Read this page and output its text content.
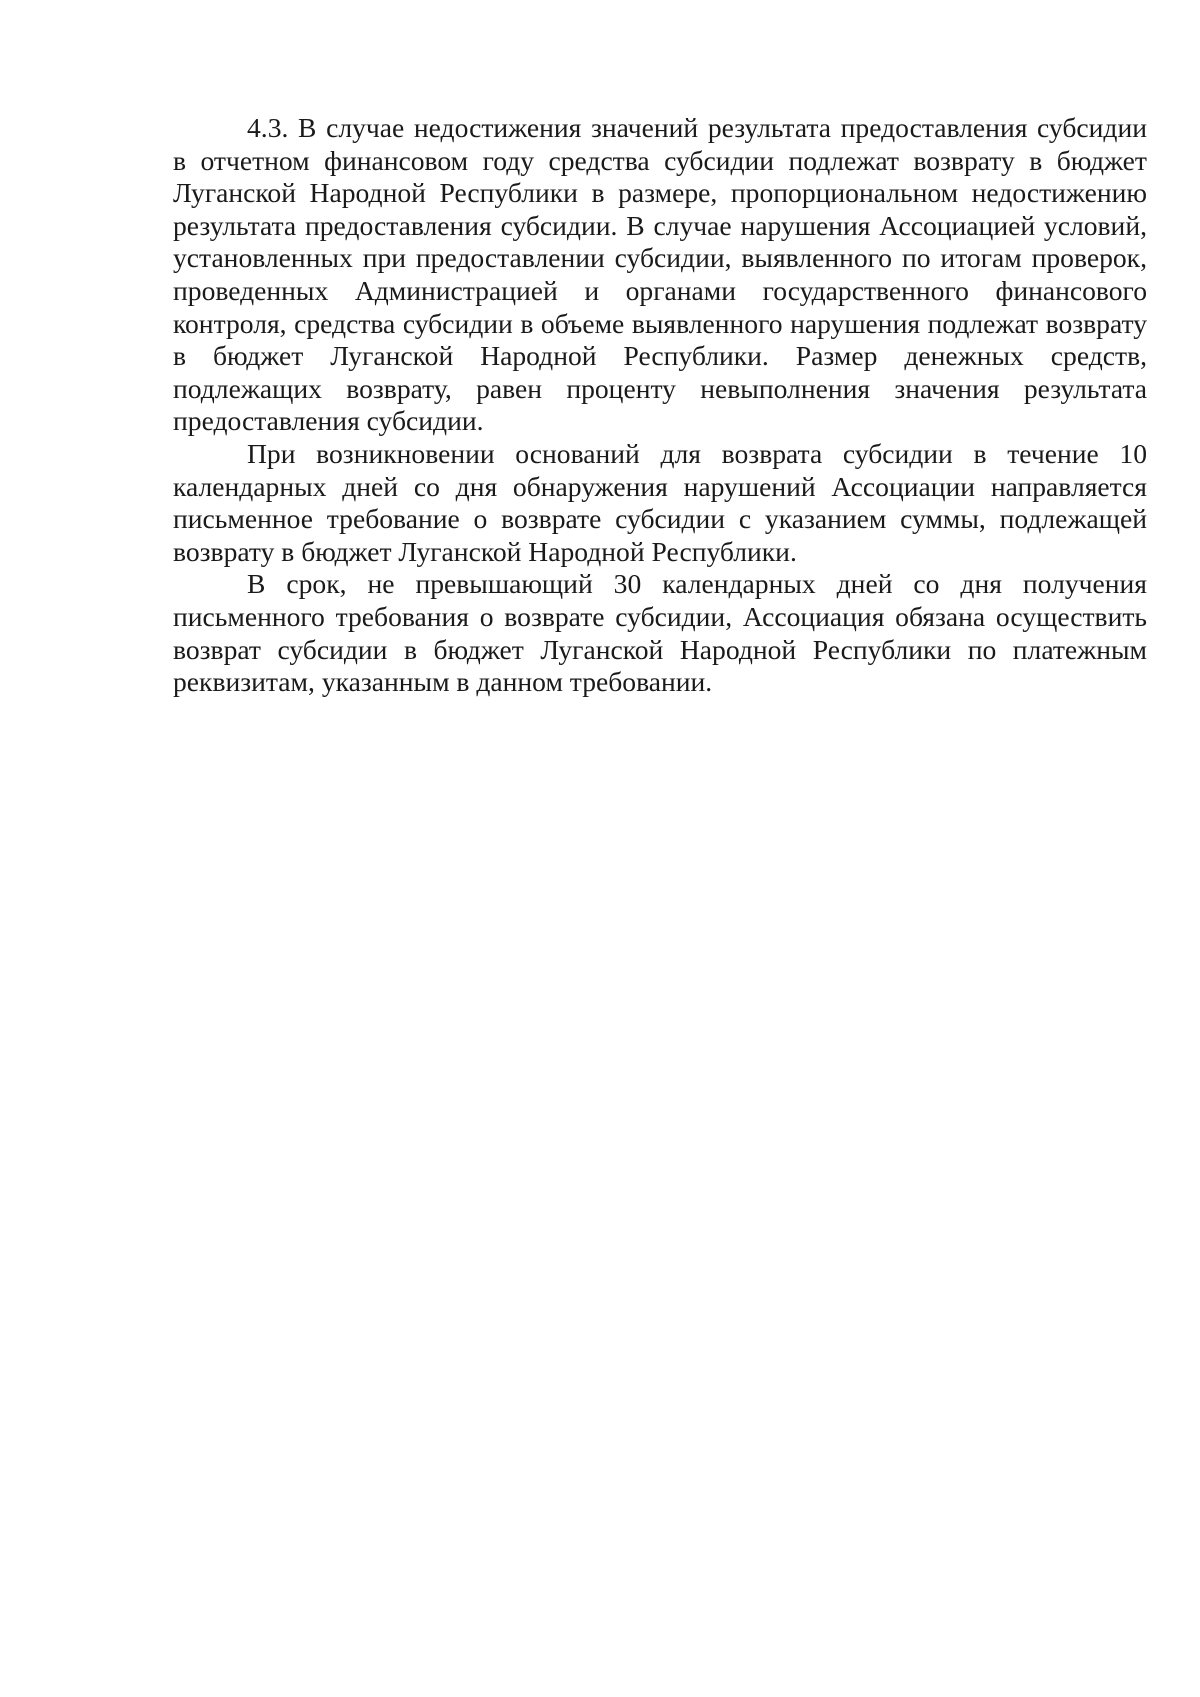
4.3. В случае недостижения значений результата предоставления субсидии в отчетном финансовом году средства субсидии подлежат возврату в бюджет Луганской Народной Республики в размере, пропорциональном недостижению результата предоставления субсидии. В случае нарушения Ассоциацией условий, установленных при предоставлении субсидии, выявленного по итогам проверок, проведенных Администрацией и органами государственного финансового контроля, средства субсидии в объеме выявленного нарушения подлежат возврату в бюджет Луганской Народной Республики. Размер денежных средств, подлежащих возврату, равен проценту невыполнения значения результата предоставления субсидии.

При возникновении оснований для возврата субсидии в течение 10 календарных дней со дня обнаружения нарушений Ассоциации направляется письменное требование о возврате субсидии с указанием суммы, подлежащей возврату в бюджет Луганской Народной Республики.

В срок, не превышающий 30 календарных дней со дня получения письменного требования о возврате субсидии, Ассоциация обязана осуществить возврат субсидии в бюджет Луганской Народной Республики по платежным реквизитам, указанным в данном требовании.
